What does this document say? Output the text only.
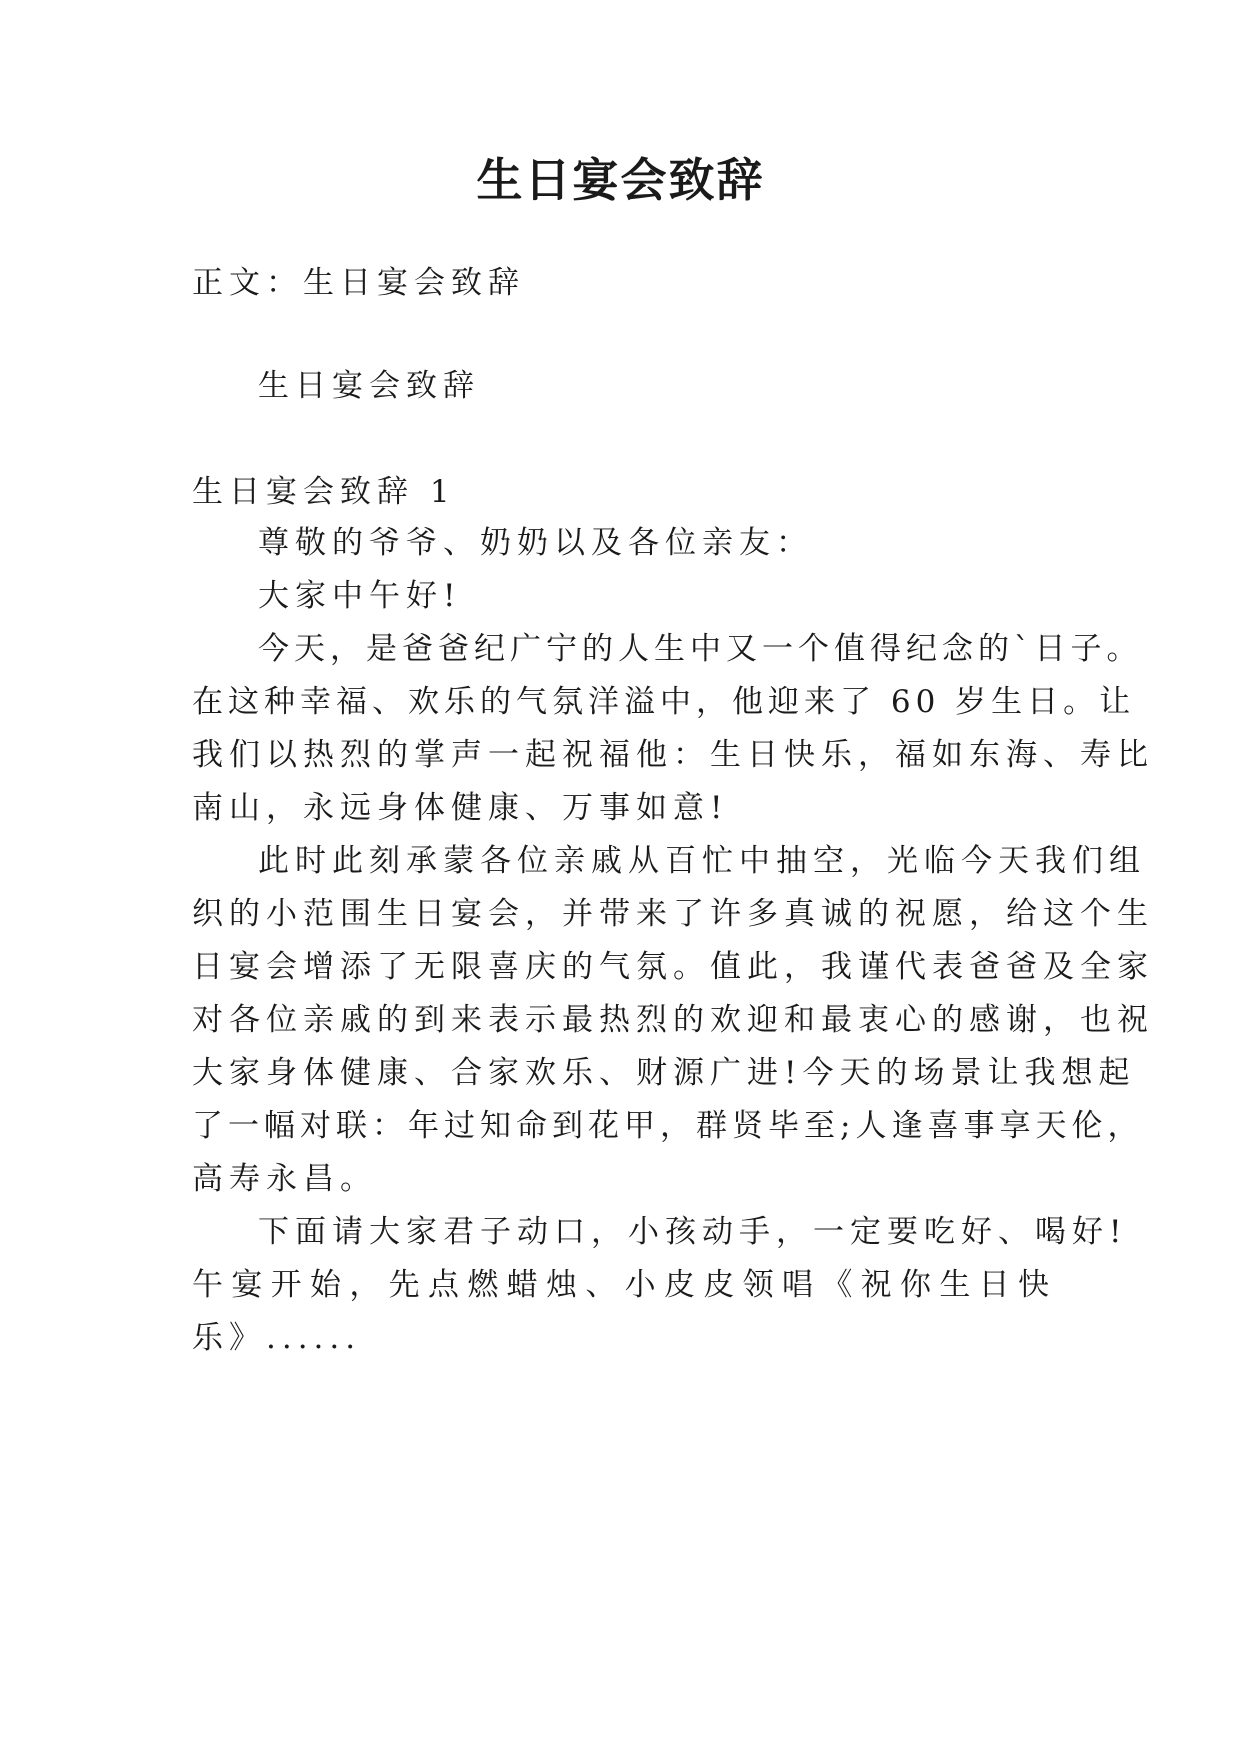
生日宴会致辞
正文：生日宴会致辞
生日宴会致辞
生日宴会致辞 1
尊敬的爷爷、奶奶以及各位亲友：
大家中午好!
今天，是爸爸纪广宁的人生中又一个值得纪念的`日子。
在这种幸福、欢乐的气氛洋溢中，他迎来了 60 岁生日。让
我们以热烈的掌声一起祝福他：生日快乐，福如东海、寿比
南山，永远身体健康、万事如意!
此时此刻承蒙各位亲戚从百忙中抽空，光临今天我们组
织的小范围生日宴会，并带来了许多真诚的祝愿，给这个生
日宴会增添了无限喜庆的气氛。值此，我谨代表爸爸及全家
对各位亲戚的到来表示最热烈的欢迎和最衷心的感谢，也祝
大家身体健康、合家欢乐、财源广进!今天的场景让我想起
了一幅对联：年过知命到花甲，群贤毕至;人逢喜事享天伦，
高寿永昌。
下面请大家君子动口，小孩动手，一定要吃好、喝好!
午宴开始，先点燃蜡烛、小皮皮领唱《祝你生日快
乐》......
